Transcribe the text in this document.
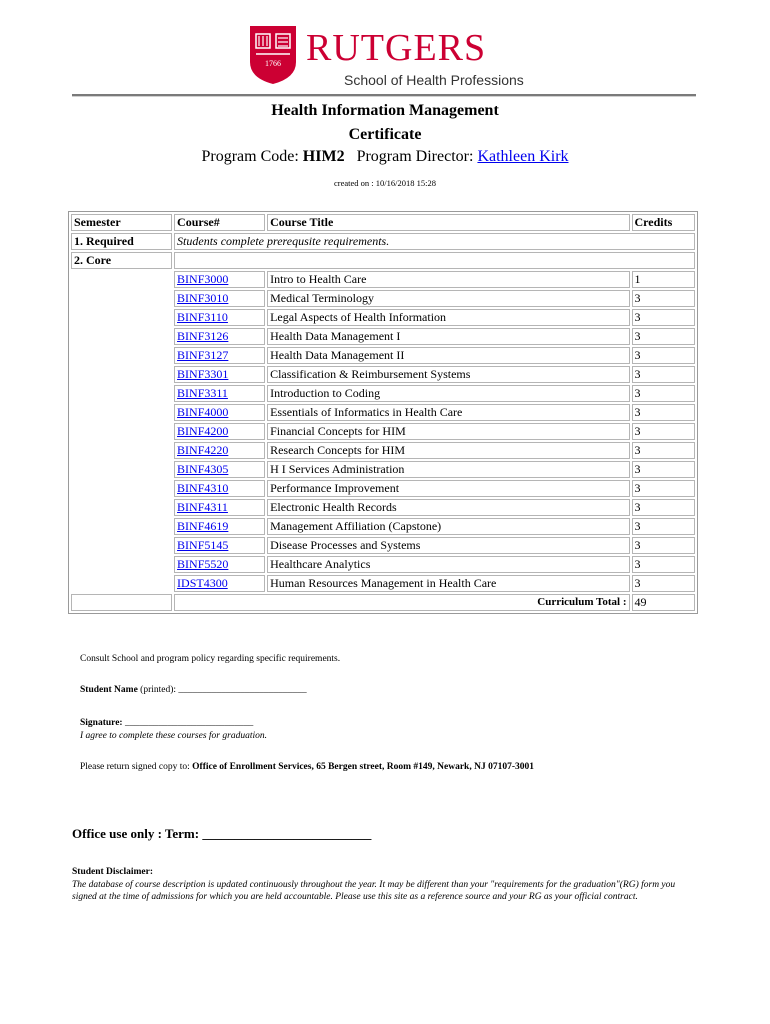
1766 RUTGERS
School of Health Professions
Health Information Management
Certificate
Program Code: HIM2 Program Director: Kathleen Kirk
created on : 10/16/2018 15:28
Semester	Course#	Course Title	Credits
1. Required	Students complete prerequsite requirements.		
2. Core			
	BINF3000	Intro to Health Care	1
	BINF3010	Medical Terminology	3
	BINF3110	Legal Aspects of Health Information	3
	BINF3126	Health Data Management I	3
	BINF3127	Health Data Management II	3
	BINF3301	Classification & Reimbursement Systems	3
	BINF3311	Introduction to Coding	3
	BINF4000	Essentials of Informatics in Health Care	3
	BINF4200	Financial Concepts for HIM	3
	BINF4220	Research Concepts for HIM	3
	BINF4305	H I Services Administration	3
	BINF4310	Performance Improvement	3
	BINF4311	Electronic Health Records	3
	BINF4619	Management Affiliation (Capstone)	3
	BINF5145	Disease Processes and Systems	3
	BINF5520	Healthcare Analytics	3
	IDST4300	Human Resources Management in Health Care	3
	Curriculum Total :		49
Consult School and program policy regarding specific requirements.
Student Name (printed): ___________________________
Signature: ___________________________
I agree to complete these courses for graduation.
Please return signed copy to: Office of Enrollment Services, 65 Bergen street, Room #149, Newark, NJ 07107-3001
Office use only : Term: __________________________
Student Disclaimer:
The database of course description is updated continuously throughout the year. It may be different than your "requirements for the graduation"(RG) form you signed at the time of admissions for which you are held accountable. Please use this site as a reference source and your RG as your official contract.
